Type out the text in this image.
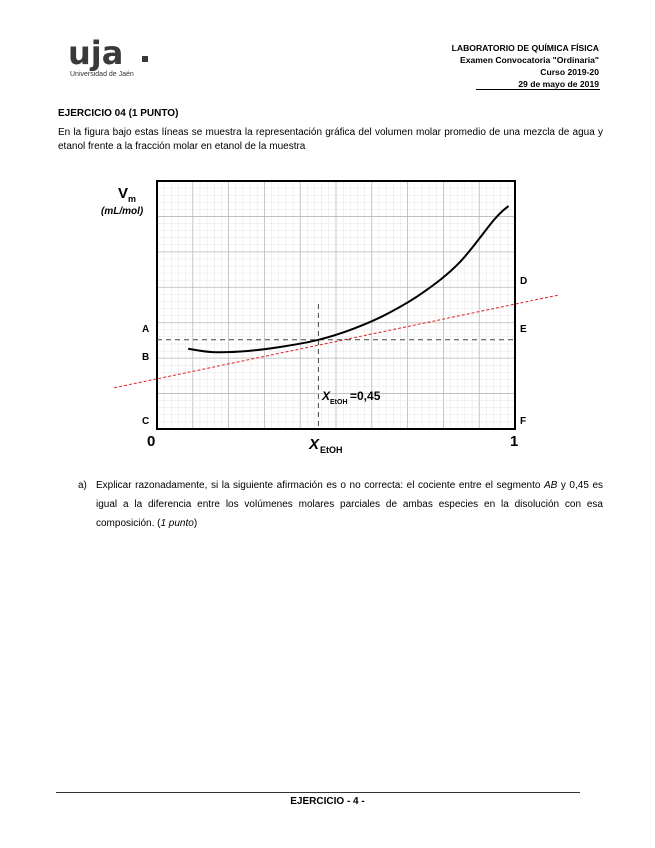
uja
Universidad de Jaén
LABORATORIO DE QUÍMICA FÍSICA
Examen Convocatoria "Ordinaria"
Curso 2019-20
29 de mayo de 2019
EJERCICIO 04 (1 PUNTO)
En la figura bajo estas líneas se muestra la representación gráfica del volumen molar promedio de una mezcla de agua y etanol frente a la fracción molar en etanol de la muestra
V m
(mL/mol)
A
B
C
D
E
F
0	1
X EtOH
X EtOH =0,45
a) Explicar razonadamente, si la siguiente afirmación es o no correcta: el cociente entre el segmento AB y 0,45 es igual a la diferencia entre los volúmenes molares parciales de ambas especies en la disolución con esa composición. (1 punto)
EJERCICIO - 4 -
